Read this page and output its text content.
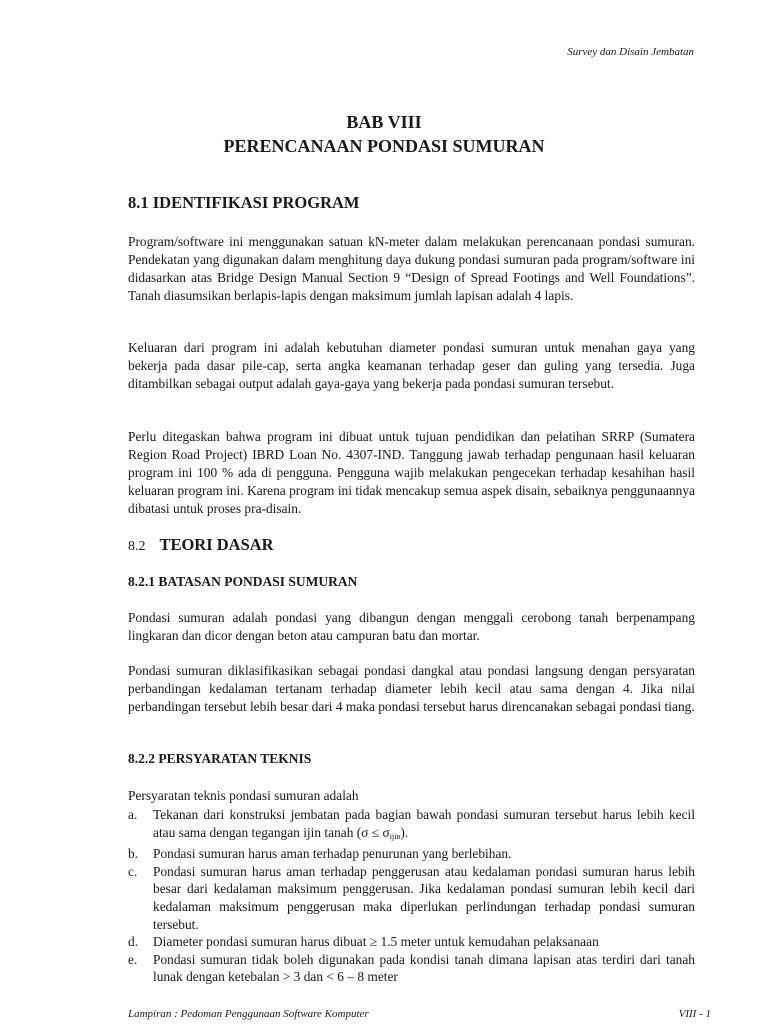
Survey dan Disain Jembatan
BAB VIII
PERENCANAAN PONDASI SUMURAN
8.1 IDENTIFIKASI PROGRAM

Program/software ini menggunakan satuan kN-meter dalam melakukan perencanaan pondasi sumuran. Pendekatan yang digunakan dalam menghitung daya dukung pondasi sumuran pada program/software ini didasarkan atas Bridge Design Manual Section 9 “Design of Spread Footings and Well Foundations”. Tanah diasumsikan berlapis-lapis dengan maksimum jumlah lapisan adalah 4 lapis.

Keluaran dari program ini adalah kebutuhan diameter pondasi sumuran untuk menahan gaya yang bekerja pada dasar pile-cap, serta angka keamanan terhadap geser dan guling yang tersedia. Juga ditambilkan sebagai output adalah gaya-gaya yang bekerja pada pondasi sumuran tersebut.

Perlu ditegaskan bahwa program ini dibuat untuk tujuan pendidikan dan pelatihan SRRP (Sumatera Region Road Project) IBRD Loan No. 4307-IND. Tanggung jawab terhadap pengunaan hasil keluaran program ini 100 % ada di pengguna. Pengguna wajib melakukan pengecekan terhadap kesahihan hasil keluaran program ini. Karena program ini tidak mencakup semua aspek disain, sebaiknya penggunaannya dibatasi untuk proses pra-disain.

8.2 TEORI DASAR
8.2.1 BATASAN PONDASI SUMURAN

Pondasi sumuran adalah pondasi yang dibangun dengan menggali cerobong tanah berpenampang lingkaran dan dicor dengan beton atau campuran batu dan mortar.

Pondasi sumuran diklasifikasikan sebagai pondasi dangkal atau pondasi langsung dengan persyaratan perbandingan kedalaman tertanam terhadap diameter lebih kecil atau sama dengan 4. Jika nilai perbandingan tersebut lebih besar dari 4 maka pondasi tersebut harus direncanakan sebagai pondasi tiang.

8.2.2 PERSYARATAN TEKNIS
Persyaratan teknis pondasi sumuran adalah
a. Tekanan dari konstruksi jembatan pada bagian bawah pondasi sumuran tersebut harus lebih kecil atau sama dengan tegangan ijin tanah $(\sigma \le \sigma_{ijin})$.
b. Pondasi sumuran harus aman terhadap penurunan yang berlebihan.
c. Pondasi sumuran harus aman terhadap penggerusan atau kedalaman pondasi sumuran harus lebih besar dari kedalaman maksimum penggerusan. Jika kedalaman pondasi sumuran lebih kecil dari kedalaman maksimum penggerusan maka diperlukan perlindungan terhadap pondasi sumuran tersebut.
d. Diameter pondasi sumuran harus dibuat ≥ 1.5 meter untuk kemudahan pelaksanaan
e. Pondasi sumuran tidak boleh digunakan pada kondisi tanah dimana lapisan atas terdiri dari tanah lunak dengan ketebalan > 3 dan < 6 – 8 meter
Lampiran : Pedoman Penggunaan Software Komputer	VIII - 1
